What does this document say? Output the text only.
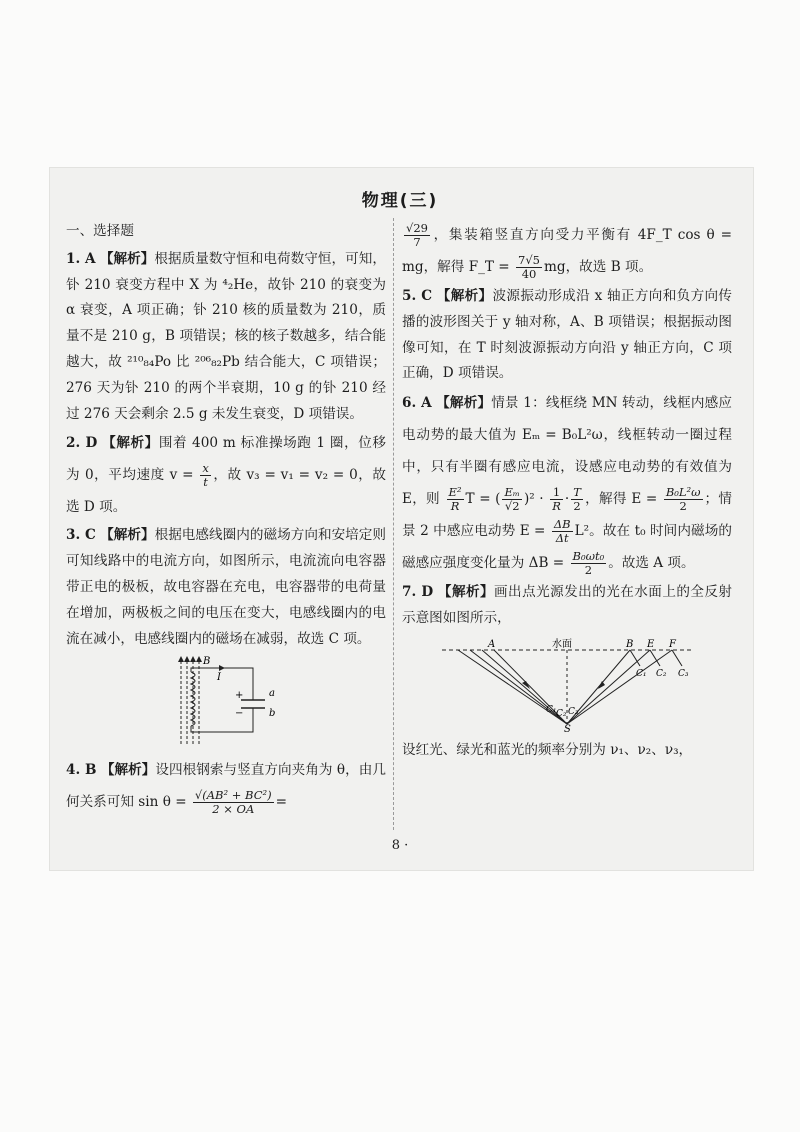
物理(三)

一、选择题

1. A 【解析】根据质量数守恒和电荷数守恒，可知，钋 210 衰变方程中 X 为 ⁴₂He，故钋 210 的衰变为 α 衰变，A 项正确；钋 210 核的质量数为 210，质量不是 210 g，B 项错误；核的核子数越多，结合能越大，故 ²¹⁰₈₄Po 比 ²⁰⁶₈₂Pb 结合能大，C 项错误；276 天为钋 210 的两个半衰期，10 g 的钋 210 经过 276 天会剩余 2.5 g 未发生衰变，D 项错误。

2. D 【解析】围着 400 m 标准操场跑 1 圈，位移为 0，平均速度 $v = \frac{x}{t}$ ，故 v₃ = v₁ = v₂ = 0，故选 D 项。

3. C 【解析】根据电感线圈内的磁场方向和安培定则可知线路中的电流方向，如图所示，电流流向电容器带正电的极板，故电容器在充电，电容器带的电荷量在增加，两极板之间的电压在变大，电感线圈内的电流在减小，电感线圈内的磁场在减弱，故选 C 项。

B
I
a
b
+
−

4. B 【解析】设四根钢索与竖直方向夹角为 θ，由几何关系可知 $\sin \theta = \frac{\text{√(AB² + BC²)}}{2 \times OA}$ =

$\frac{√29}{7}$ ，集装箱竖直方向受力平衡有 4F_T cos θ = mg，解得 F_T = $\frac{7√5}{40}$ mg，故选 B 项。

5. C 【解析】波源振动形成沿 x 轴正方向和负方向传播的波形图关于 y 轴对称，A、B 项错误；根据振动图像可知，在 T 时刻波源振动方向沿 y 轴正方向，C 项正确，D 项错误。

6. A 【解析】情景 1：线框绕 MN 转动，线框内感应电动势的最大值为 Eₘ = B₀L²ω，线框转动一圈过程中，只有半圈有感应电流，设感应电动势的有效值为 E，则 $\frac{\text{E²}}{R}$ T = ( $\frac{\text{Eₘ}}{√2} )^2 \cdot \frac{1}{R} \cdot \frac{T}{2}$ ，解得 $E = \frac{\text{B₀L²ω}}{2}$ ；情景 2 中感应电动势 $E = \frac{\Delta B}{\Delta t} L^2$。故在 t₀ 时间内磁场的磁感应强度变化量为 $\Delta B = \frac{\text{B₀ωt₀}}{2}$ 。故选 A 项。

7. D 【解析】画出点光源发出的光在水面上的全反射示意图如图所示，

A	水面	B E F
C₁ C₂ C₃
C₁ C₂ C₃
S

设红光、绿光和蓝光的频率分别为 ν₁、ν₂、ν₃，

8 ·
